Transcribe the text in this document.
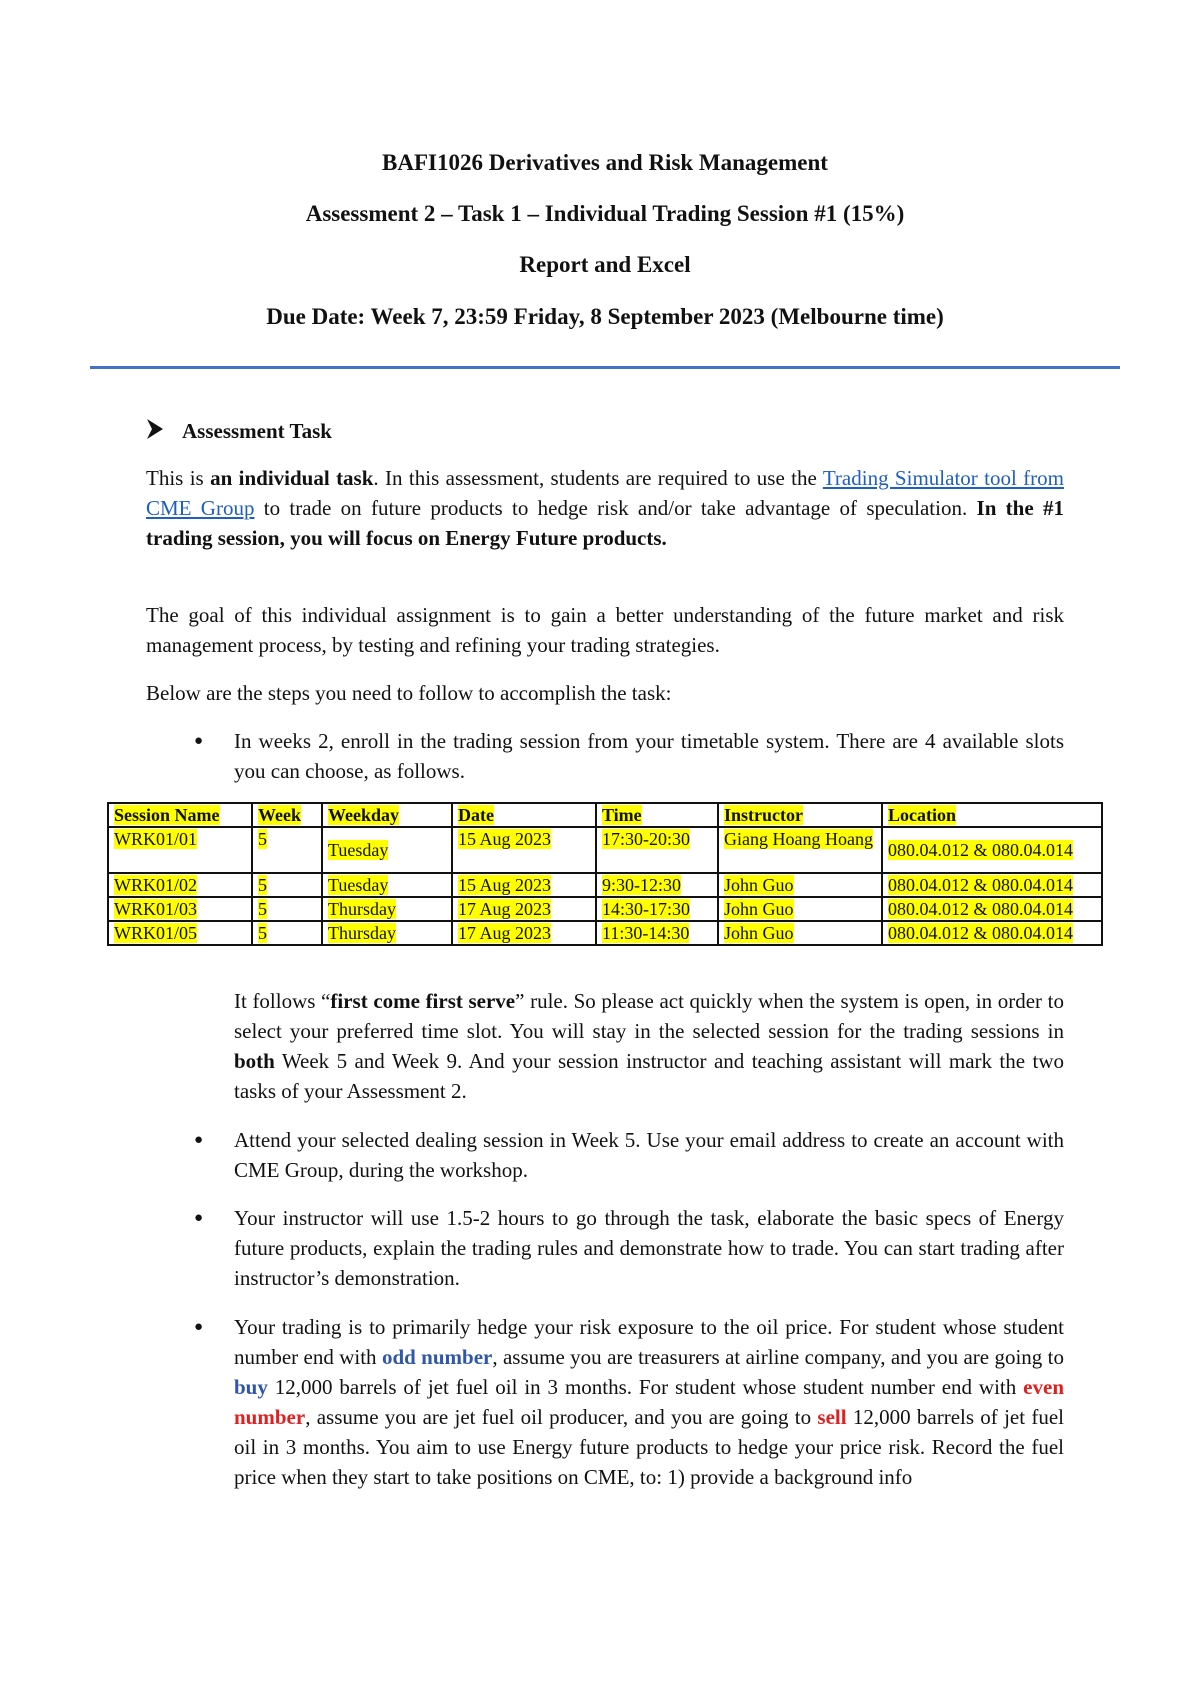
BAFI1026 Derivatives and Risk Management
Assessment 2 – Task 1 – Individual Trading Session #1 (15%)
Report and Excel
Due Date: Week 7, 23:59 Friday, 8 September 2023 (Melbourne time)
Assessment Task
This is an individual task. In this assessment, students are required to use the Trading Simulator tool from CME Group to trade on future products to hedge risk and/or take advantage of speculation. In the #1 trading session, you will focus on Energy Future products.
The goal of this individual assignment is to gain a better understanding of the future market and risk management process, by testing and refining your trading strategies.
Below are the steps you need to follow to accomplish the task:
● In weeks 2, enroll in the trading session from your timetable system. There are 4 available slots you can choose, as follows.
Session Name	Week	Weekday	Date	Time	Instructor	Location
WRK01/01	5	Tuesday	15 Aug 2023	17:30-20:30	Giang Hoang Hoang	080.04.012 & 080.04.014
WRK01/02	5	Tuesday	15 Aug 2023	9:30-12:30	John Guo	080.04.012 & 080.04.014
WRK01/03	5	Thursday	17 Aug 2023	14:30-17:30	John Guo	080.04.012 & 080.04.014
WRK01/05	5	Thursday	17 Aug 2023	11:30-14:30	John Guo	080.04.012 & 080.04.014
It follows “first come first serve” rule. So please act quickly when the system is open, in order to select your preferred time slot. You will stay in the selected session for the trading sessions in both Week 5 and Week 9. And your session instructor and teaching assistant will mark the two tasks of your Assessment 2.
● Attend your selected dealing session in Week 5. Use your email address to create an account with CME Group, during the workshop.
● Your instructor will use 1.5-2 hours to go through the task, elaborate the basic specs of Energy future products, explain the trading rules and demonstrate how to trade. You can start trading after instructor’s demonstration.
● Your trading is to primarily hedge your risk exposure to the oil price. For student whose student number end with odd number, assume you are treasurers at airline company, and you are going to buy 12,000 barrels of jet fuel oil in 3 months. For student whose student number end with even number, assume you are jet fuel oil producer, and you are going to sell 12,000 barrels of jet fuel oil in 3 months. You aim to use Energy future products to hedge your price risk. Record the fuel price when they start to take positions on CME, to: 1) provide a background info
